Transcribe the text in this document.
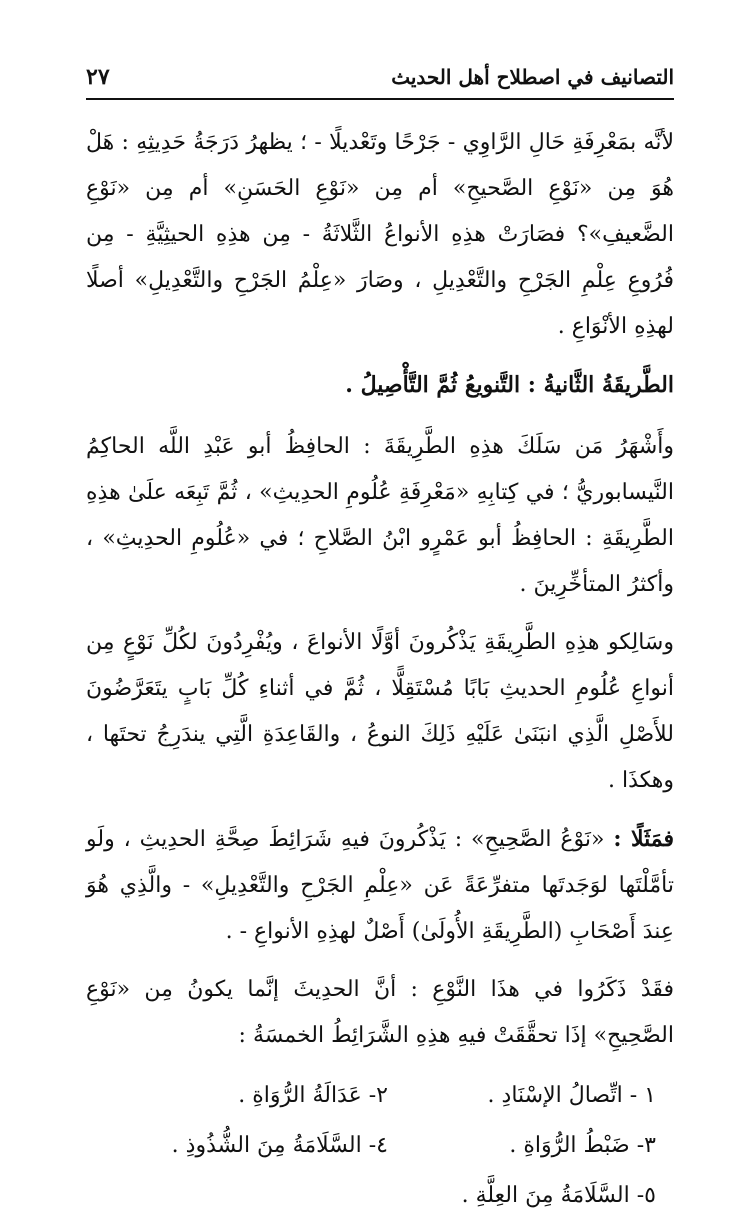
التصانيف في اصطلاح أهل الحديث
٢٧

لأنَّه بمَعْرِفَةِ حَالِ الرَّاوِي - جَرْحًا وتَعْديلًا - ؛ يظهرُ دَرَجَةُ حَدِيثِهِ : هَلْ هُوَ مِن «نَوْعِ الصَّحيحِ» أم مِن «نَوْعِ الحَسَنِ» أم مِن «نَوْعِ الضَّعيفِ»؟ فصَارَتْ هذِهِ الأنواعُ الثَّلاثَةُ - مِن هذِهِ الحيثِيَّةِ - مِن فُرُوعِ عِلْمِ الجَرْحِ والتَّعْدِيلِ ، وصَارَ «عِلْمُ الجَرْحِ والتَّعْدِيلِ» أصلًا لهذِهِ الأنْوَاعِ .

الطَّريقَةُ الثَّانيةُ : التَّنويعُ ثُمَّ التَّأْصِيلُ .

وأَشْهَرُ مَن سَلَكَ هذِهِ الطَّرِيقَةَ : الحافِظُ أبو عَبْدِ اللَّه الحاكِمُ النَّيسابوريُّ ؛ في كِتابِهِ «مَعْرِفَةِ عُلُومِ الحدِيثِ» ، ثُمَّ تَبِعَه علَىٰ هذِهِ الطَّرِيقَةِ : الحافِظُ أبو عَمْرٍو ابْنُ الصَّلاحِ ؛ في «عُلُومِ الحدِيثِ» ، وأكثرُ المتأخِّرِينَ .

وسَالِكو هذِهِ الطَّرِيقَةِ يَذْكُرونَ أوَّلًا الأنواعَ ، ويُفْرِدُونَ لكُلِّ نَوْعٍ مِن أنواعِ عُلُومِ الحديثِ بَابًا مُسْتَقِلًّا ، ثُمَّ في أثناءِ كُلِّ بَابٍ يتَعَرَّضُونَ للأَصْلِ الَّذِي انبَنَىٰ عَلَيْهِ ذَلِكَ النوعُ ، والقَاعِدَةِ الَّتِي يندَرِجُ تحتَها ، وهكذَا .

فمَثَلًا : «نَوْعُ الصَّحِيحِ» : يَذْكُرونَ فيهِ شَرَائِطَ صِحَّةِ الحدِيثِ ، ولَو تأمَّلْتَها لوَجَدتَها متفرِّعَةً عَن «عِلْمِ الجَرْحِ والتَّعْدِيلِ» - والَّذِي هُوَ عِندَ أَصْحَابِ (الطَّرِيقَةِ الأُولَىٰ) أَصْلٌ لهذِهِ الأنواعِ - .

فقَدْ ذَكَرُوا في هذَا النَّوْعِ : أنَّ الحدِيثَ إنَّما يكونُ مِن «نَوْعِ الصَّحِيحِ» إذَا تحقَّقَتْ فيهِ هذِهِ الشَّرَائِطُ الخمسَةُ :

١ - اتِّصالُ الإسْنَادِ .
٢- عَدَالَةُ الرُّوَاةِ .
٣- ضَبْطُ الرُّوَاةِ .
٤- السَّلَامَةُ مِنَ الشُّذُوذِ .
٥- السَّلَامَةُ مِنَ العِلَّةِ .
